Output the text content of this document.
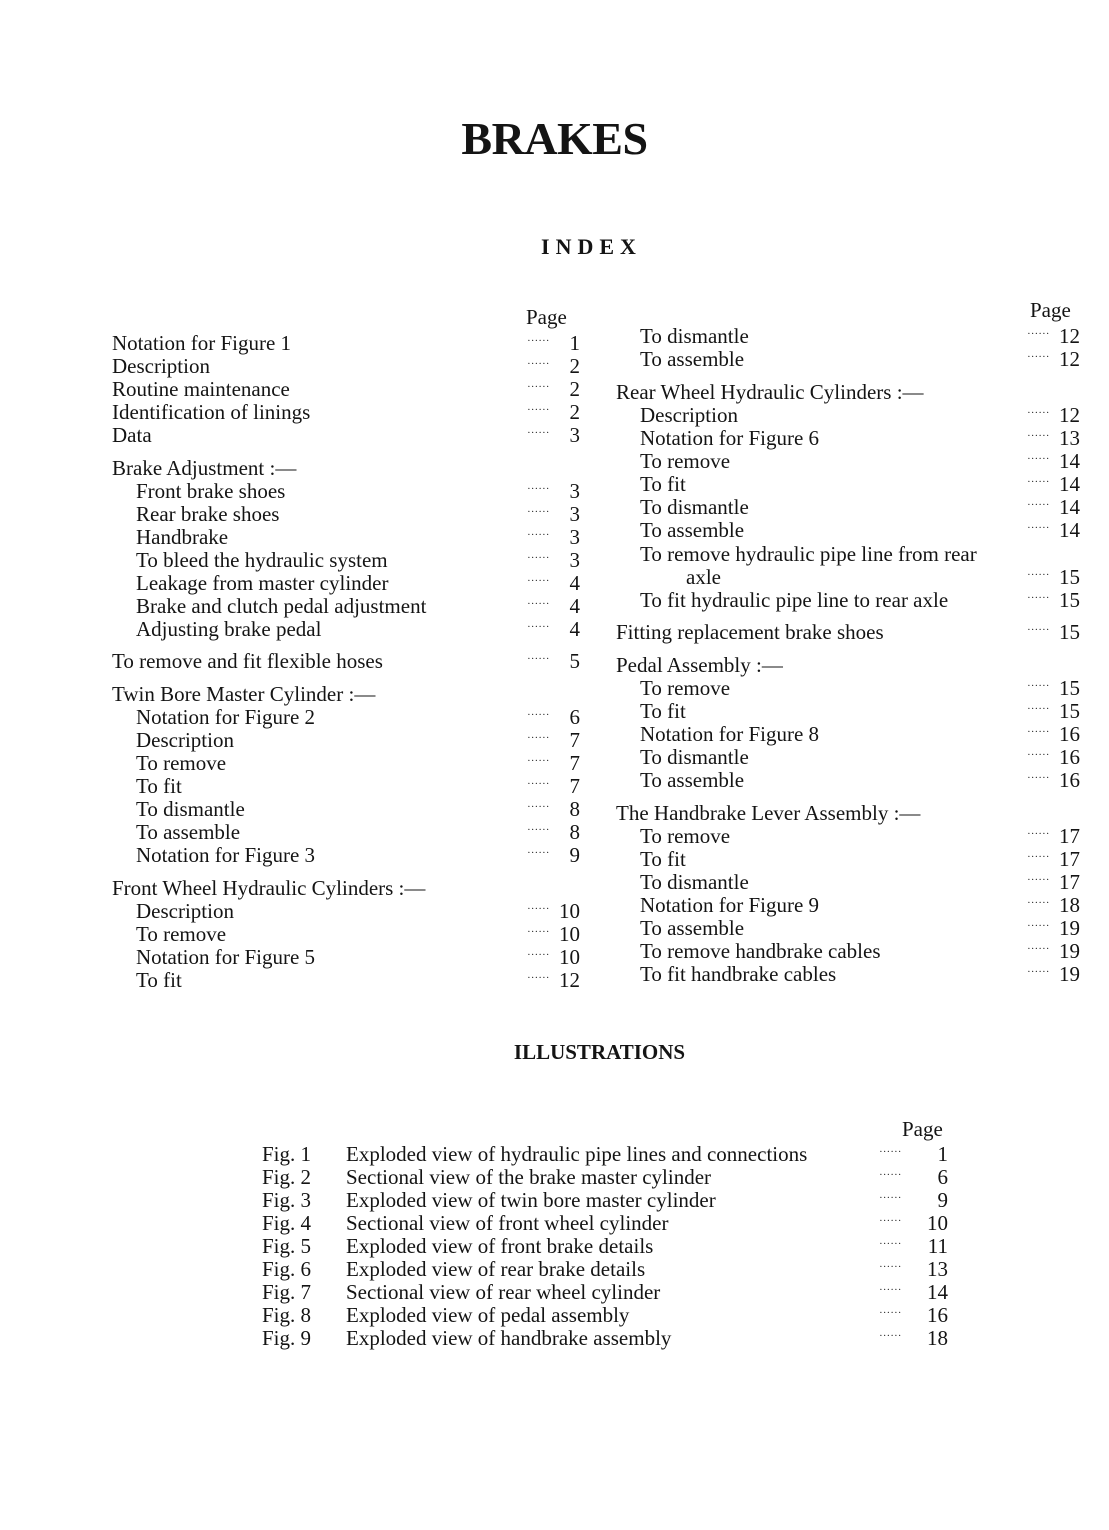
BRAKES
INDEX
Page	Page
Notation for Figure 1	...... 1
Description	...... 2
Routine maintenance	...... 2
Identification of linings	...... 2
Data	...... 3
Brake Adjustment :—
Front brake shoes	...... 3
Rear brake shoes	...... 3
Handbrake	...... 3
To bleed the hydraulic system	...... 3
Leakage from master cylinder	...... 4
Brake and clutch pedal adjustment	...... 4
Adjusting brake pedal	...... 4
To remove and fit flexible hoses	...... 5
Twin Bore Master Cylinder :—
Notation for Figure 2	...... 6
Description	...... 7
To remove	...... 7
To fit	...... 7
To dismantle	...... 8
To assemble	...... 8
Notation for Figure 3	...... 9
Front Wheel Hydraulic Cylinders :—
Description	...... 10
To remove	...... 10
Notation for Figure 5	...... 10
To fit	...... 12
To dismantle	...... 12
To assemble	...... 12
Rear Wheel Hydraulic Cylinders :—
Description	...... 12
Notation for Figure 6	...... 13
To remove	...... 14
To fit	...... 14
To dismantle	...... 14
To assemble	...... 14
To remove hydraulic pipe line from rear
axle	...... 15
To fit hydraulic pipe line to rear axle	...... 15
Fitting replacement brake shoes	...... 15
Pedal Assembly :—
To remove	...... 15
To fit	...... 15
Notation for Figure 8	...... 16
To dismantle	...... 16
To assemble	...... 16
The Handbrake Lever Assembly :—
To remove	...... 17
To fit	...... 17
To dismantle	...... 17
Notation for Figure 9	...... 18
To assemble	...... 19
To remove handbrake cables	...... 19
To fit handbrake cables	...... 19
ILLUSTRATIONS
Page
Fig. 1 Exploded view of hydraulic pipe lines and connections	...... 1
Fig. 2 Sectional view of the brake master cylinder	...... 6
Fig. 3 Exploded view of twin bore master cylinder	...... 9
Fig. 4 Sectional view of front wheel cylinder	...... 10
Fig. 5 Exploded view of front brake details	...... 11
Fig. 6 Exploded view of rear brake details	...... 13
Fig. 7 Sectional view of rear wheel cylinder	...... 14
Fig. 8 Exploded view of pedal assembly	...... 16
Fig. 9 Exploded view of handbrake assembly	...... 18
